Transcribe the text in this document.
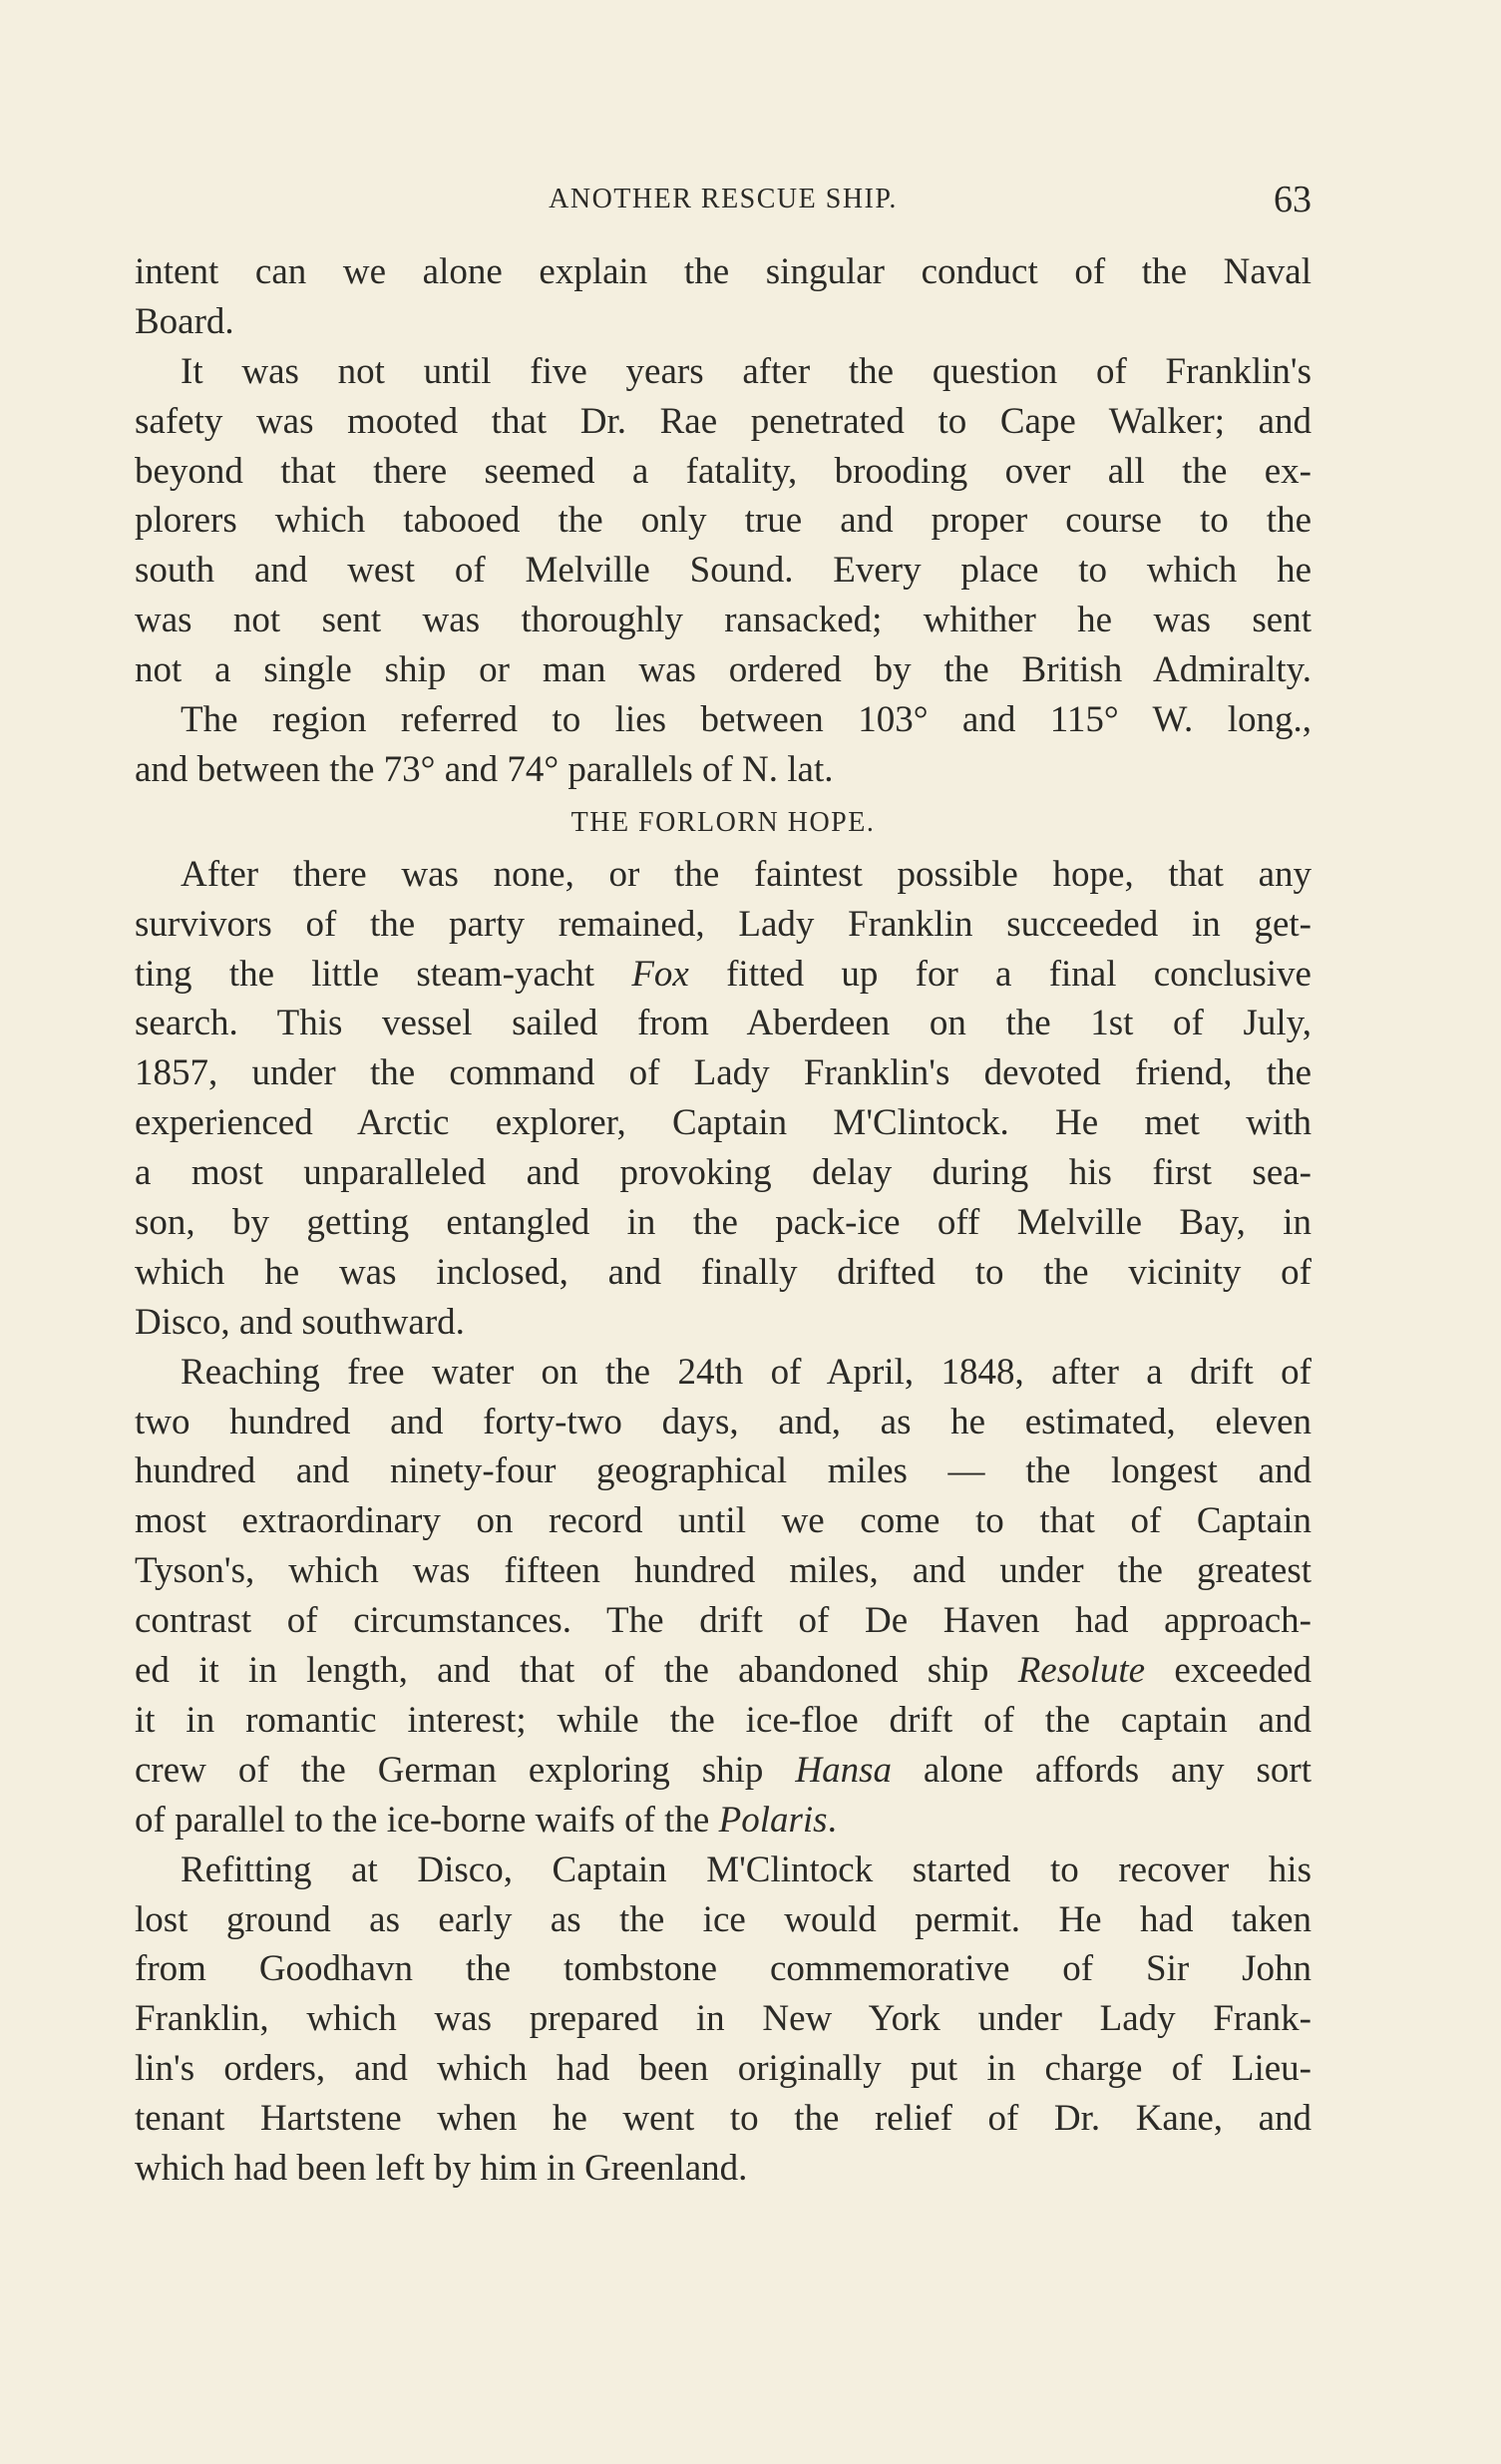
ANOTHER RESCUE SHIP.	63
intent can we alone explain the singular conduct of the Naval
Board.
It was not until five years after the question of Franklin's
safety was mooted that Dr. Rae penetrated to Cape Walker; and
beyond that there seemed a fatality, brooding over all the ex-
plorers which tabooed the only true and proper course to the
south and west of Melville Sound. Every place to which he
was not sent was thoroughly ransacked; whither he was sent
not a single ship or man was ordered by the British Admiralty.
The region referred to lies between 103° and 115° W. long.,
and between the 73° and 74° parallels of N. lat.
THE FORLORN HOPE.
After there was none, or the faintest possible hope, that any
survivors of the party remained, Lady Franklin succeeded in get-
ting the little steam-yacht Fox fitted up for a final conclusive
search. This vessel sailed from Aberdeen on the 1st of July,
1857, under the command of Lady Franklin's devoted friend, the
experienced Arctic explorer, Captain M'Clintock. He met with
a most unparalleled and provoking delay during his first sea-
son, by getting entangled in the pack-ice off Melville Bay, in
which he was inclosed, and finally drifted to the vicinity of
Disco, and southward.
Reaching free water on the 24th of April, 1848, after a drift of
two hundred and forty-two days, and, as he estimated, eleven
hundred and ninety-four geographical miles — the longest and
most extraordinary on record until we come to that of Captain
Tyson's, which was fifteen hundred miles, and under the greatest
contrast of circumstances. The drift of De Haven had approach-
ed it in length, and that of the abandoned ship Resolute exceeded
it in romantic interest; while the ice-floe drift of the captain and
crew of the German exploring ship Hansa alone affords any sort
of parallel to the ice-borne waifs of the Polaris.
Refitting at Disco, Captain M'Clintock started to recover his
lost ground as early as the ice would permit. He had taken
from Goodhavn the tombstone commemorative of Sir John
Franklin, which was prepared in New York under Lady Frank-
lin's orders, and which had been originally put in charge of Lieu-
tenant Hartstene when he went to the relief of Dr. Kane, and
which had been left by him in Greenland.
